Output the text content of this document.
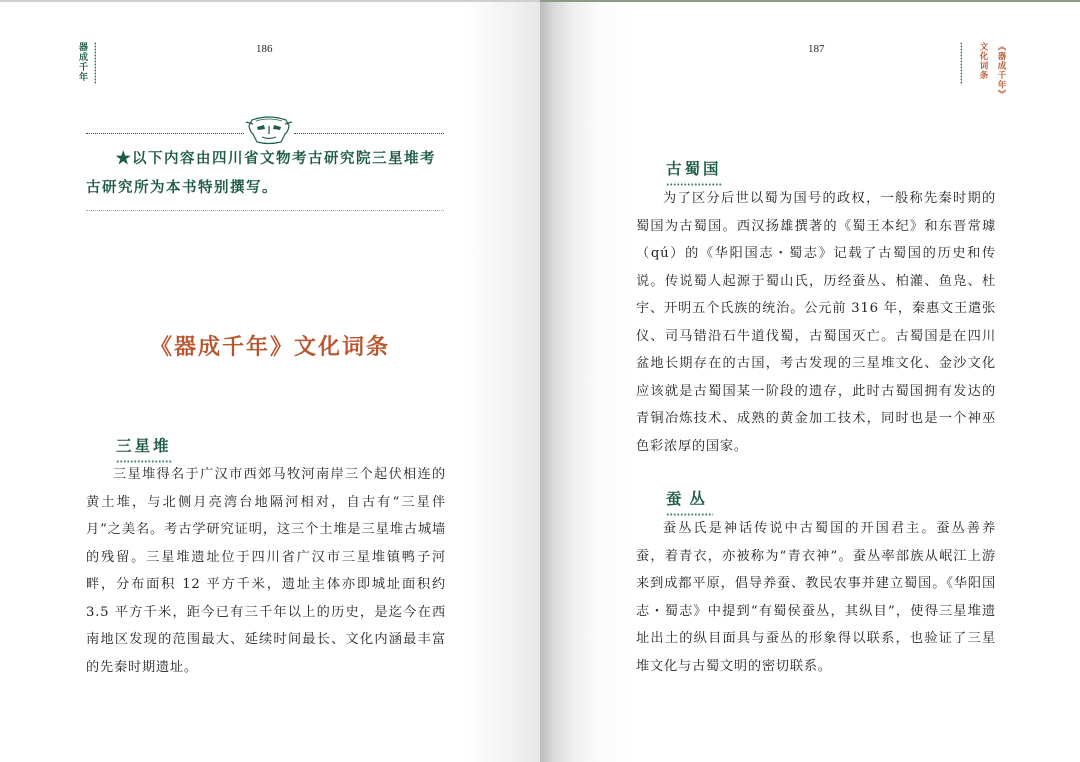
器成千年	186

★以下内容由四川省文物考古研究院三星堆考古研究所为本书特别撰写。

《器成千年》文化词条
三星堆

三星堆得名于广汉市西郊马牧河南岸三个起伏相连的黄土堆，与北侧月亮湾台地隔河相对，自古有“三星伴月”之美名。考古学研究证明，这三个土堆是三星堆古城墙的残留。三星堆遗址位于四川省广汉市三星堆镇鸭子河畔，分布面积 12 平方千米，遗址主体亦即城址面积约 3.5 平方千米，距今已有三千年以上的历史，是迄今在西南地区发现的范围最大、延续时间最长、文化内涵最丰富的先秦时期遗址。

187	文化词条 《器成千年》
古蜀国

为了区分后世以蜀为国号的政权，一般称先秦时期的蜀国为古蜀国。西汉扬雄撰著的《蜀王本纪》和东晋常璩（qú）的《华阳国志・蜀志》记载了古蜀国的历史和传说。传说蜀人起源于蜀山氏，历经蚕丛、柏灌、鱼凫、杜宇、开明五个氏族的统治。公元前 316 年，秦惠文王遣张仪、司马错沿石牛道伐蜀，古蜀国灭亡。古蜀国是在四川盆地长期存在的古国，考古发现的三星堆文化、金沙文化应该就是古蜀国某一阶段的遗存，此时古蜀国拥有发达的青铜冶炼技术、成熟的黄金加工技术，同时也是一个神巫色彩浓厚的国家。

蚕丛

蚕丛氏是神话传说中古蜀国的开国君主。蚕丛善养蚕，着青衣，亦被称为“青衣神”。蚕丛率部族从岷江上游来到成都平原，倡导养蚕、教民农事并建立蜀国。《华阳国志・蜀志》中提到“有蜀侯蚕丛，其纵目”，使得三星堆遗址出土的纵目面具与蚕丛的形象得以联系，也验证了三星堆文化与古蜀文明的密切联系。
